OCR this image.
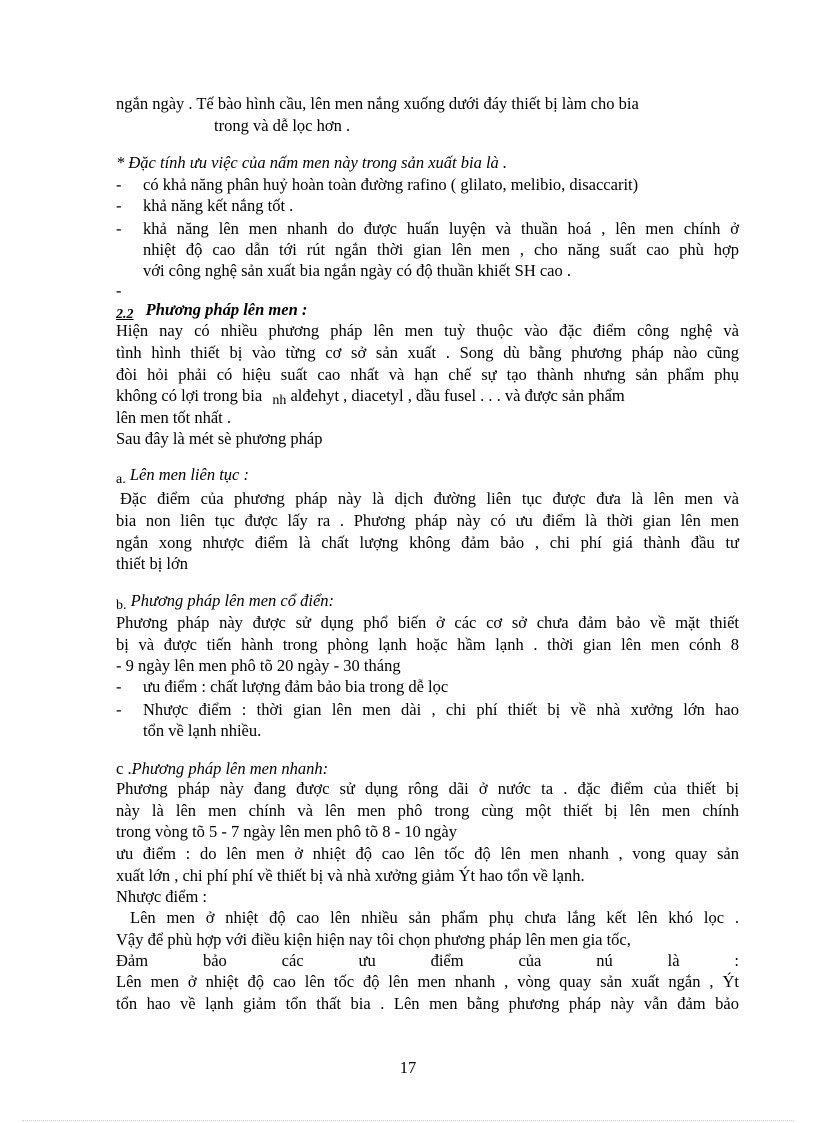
ngắn ngày . Tế bào hình cầu, lên men nắng xuống dưới đáy thiết bị làm cho bia
trong và dễ lọc hơn .
* Đặc tính ưu việc của nấm men này trong sản xuất bia là .
- có khả năng phân huỷ hoàn toàn đường rafino ( glilato, melibio, disaccarit)
- khả năng kết nắng tốt .
- khả năng lên men nhanh do được huấn luyện và thuần hoá , lên men chính ở
nhiệt độ cao dẫn tới rút ngắn thời gian lên men , cho năng suất cao phù hợp
với công nghệ sản xuất bia ngắn ngày có độ thuần khiết SH cao .
-
2.2 Phương pháp lên men :
Hiện nay có nhiều phương pháp lên men tuỳ thuộc vào đặc điểm công nghệ và
tình hình thiết bị vào từng cơ sở sản xuất . Song dù bằng phương pháp nào cũng
đòi hỏi phải có hiệu suất cao nhất và hạn chế sự tạo thành nhưng sản phẩm phụ
không có lợi trong bia nh alđehyt , diacetyl , dầu fusel . . . và được sản phẩm
lên men tốt nhất .
Sau đây là mét sè phương pháp
a. Lên men liên tục :
Đặc điểm của phương pháp này là dịch đường liên tục được đưa là lên men và
bia non liên tục được lấy ra . Phương pháp này có ưu điểm là thời gian lên men
ngắn xong nhược điểm là chất lượng không đảm bảo , chi phí giá thành đầu tư
thiết bị lớn
b. Phương pháp lên men cổ điển:
Phương pháp này được sử dụng phổ biến ở các cơ sở chưa đảm bảo về mặt thiết
bị và được tiến hành trong phòng lạnh hoặc hầm lạnh . thời gian lên men cónh 8
- 9 ngày lên men phô tõ 20 ngày - 30 tháng
- ưu điểm : chất lượng đảm bảo bia trong dễ lọc
- Nhược điểm : thời gian lên men dài , chi phí thiết bị về nhà xưởng lớn hao
tổn về lạnh nhiều.
c .Phương pháp lên men nhanh:
Phương pháp này đang được sử dụng rông dãi ở nước ta . đặc điểm của thiết bị
này là lên men chính và lên men phô trong cùng một thiết bị lên men chính
trong vòng tõ 5 - 7 ngày lên men phô tõ 8 - 10 ngày
ưu điểm : do lên men ở nhiệt độ cao lên tốc độ lên men nhanh , vong quay sản
xuất lớn , chi phí phí về thiết bị và nhà xưởng giảm Ýt hao tổn về lạnh.
Nhược điểm :
Lên men ở nhiệt độ cao lên nhiều sản phẩm phụ chưa lắng kết lên khó lọc .
Vậy để phù hợp với điều kiện hiện nay tôi chọn phương pháp lên men gia tốc,
Đảm bảo các ưu điểm của nú là :
Lên men ở nhiệt độ cao lên tốc độ lên men nhanh , vòng quay sản xuất ngắn , Ýt
tổn hao về lạnh giảm tổn thất bia . Lên men bằng phương pháp này vẫn đảm bảo
17
